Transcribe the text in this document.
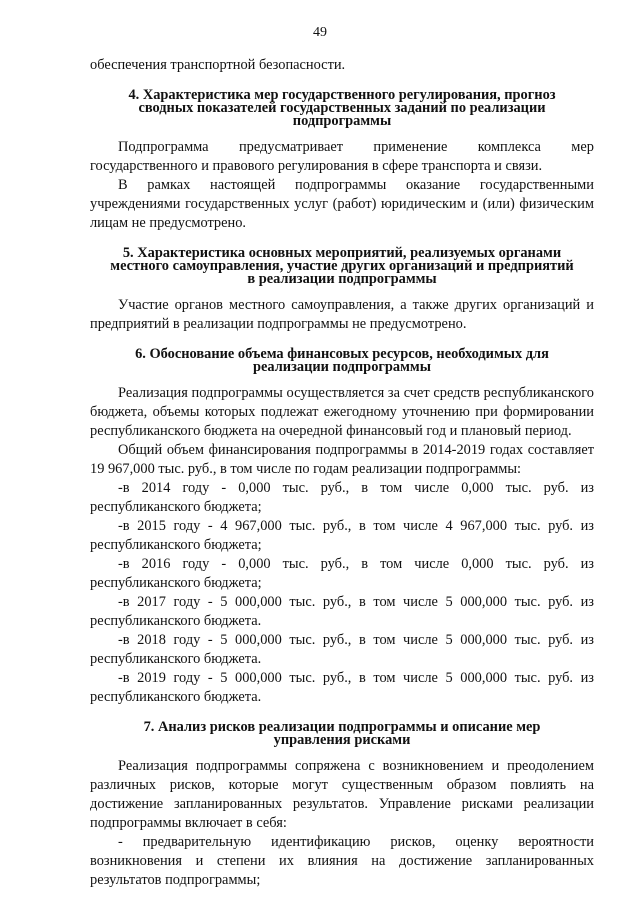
49

обеспечения транспортной безопасности.

4. Характеристика мер государственного регулирования, прогноз сводных показателей государственных заданий по реализации подпрограммы

Подпрограмма предусматривает применение комплекса мер государственного и правового регулирования в сфере транспорта и связи.

В рамках настоящей подпрограммы оказание государственными учреждениями государственных услуг (работ) юридическим и (или) физическим лицам не предусмотрено.

5. Характеристика основных мероприятий, реализуемых органами местного самоуправления, участие других организаций и предприятий в реализации подпрограммы

Участие органов местного самоуправления, а также других организаций и предприятий в реализации подпрограммы не предусмотрено.

6. Обоснование объема финансовых ресурсов, необходимых для реализации подпрограммы

Реализация подпрограммы осуществляется за счет средств республиканского бюджета, объемы которых подлежат ежегодному уточнению при формировании республиканского бюджета на очередной финансовый год и плановый период.

Общий объем финансирования подпрограммы в 2014-2019 годах составляет 19 967,000 тыс. руб., в том числе по годам реализации подпрограммы:

-в 2014 году - 0,000 тыс. руб., в том числе 0,000 тыс. руб. из республиканского бюджета;

-в 2015 году - 4 967,000 тыс. руб., в том числе 4 967,000 тыс. руб. из республиканского бюджета;

-в 2016 году - 0,000 тыс. руб., в том числе 0,000 тыс. руб. из республиканского бюджета;

-в 2017 году - 5 000,000 тыс. руб., в том числе 5 000,000 тыс. руб. из республиканского бюджета.

-в 2018 году - 5 000,000 тыс. руб., в том числе 5 000,000 тыс. руб. из республиканского бюджета.

-в 2019 году - 5 000,000 тыс. руб., в том числе 5 000,000 тыс. руб. из республиканского бюджета.

7. Анализ рисков реализации подпрограммы и описание мер управления рисками

Реализация подпрограммы сопряжена с возникновением и преодолением различных рисков, которые могут существенным образом повлиять на достижение запланированных результатов. Управление рисками реализации подпрограммы включает в себя:

- предварительную идентификацию рисков, оценку вероятности возникновения и степени их влияния на достижение запланированных результатов подпрограммы;
